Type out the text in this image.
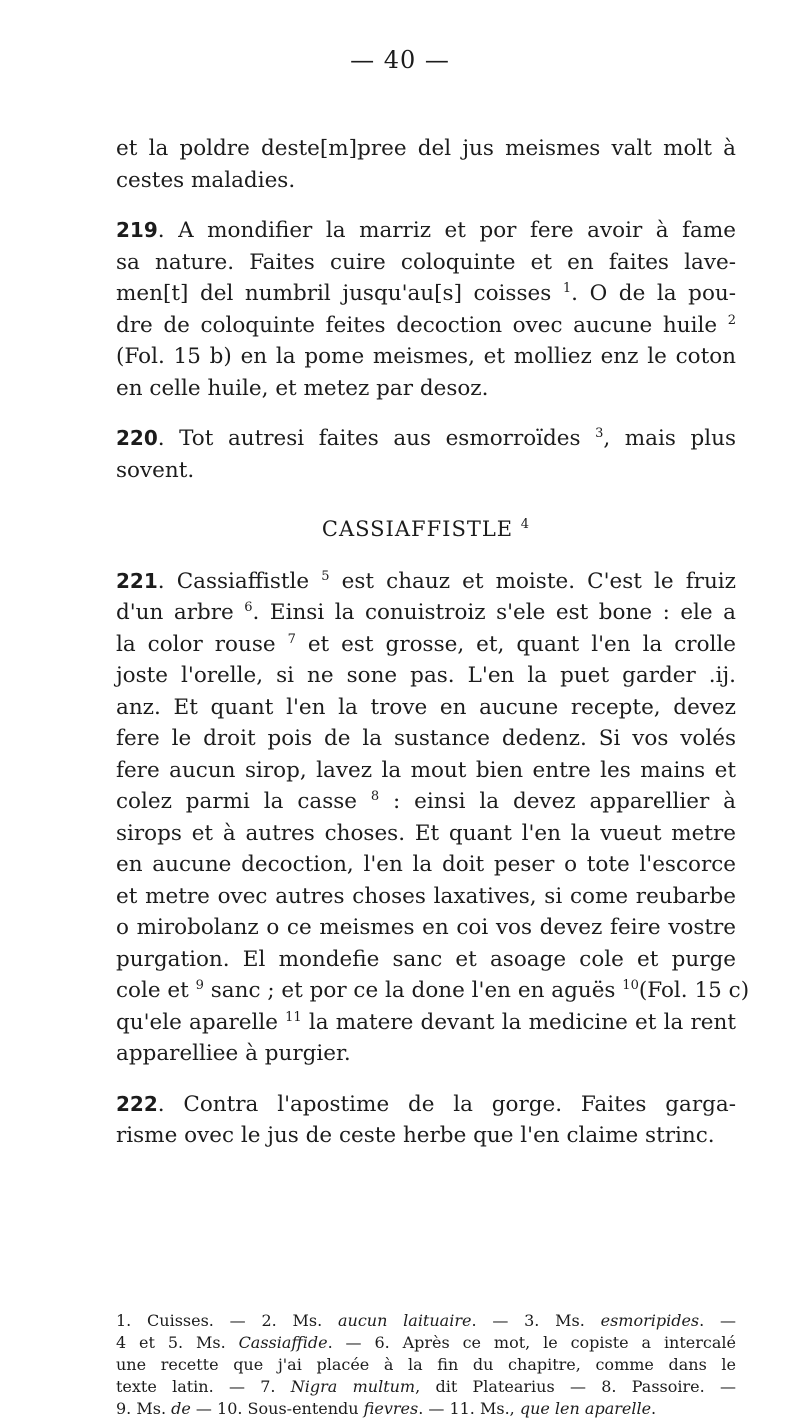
— 40 —

et la poldre deste[m]pree del jus meismes valt molt à
cestes maladies.

219. A mondifier la marriz et por fere avoir à fame
sa nature. Faites cuire coloquinte et en faites lave-
men[t] del numbril jusqu'au[s] coisses $^1$. O de la pou-
dre de coloquinte feites decoction ovec aucune huile $^2$
(Fol. 15 b) en la pome meismes, et molliez enz le coton
en celle huile, et metez par desoz.

220. Tot autresi faites aus esmorroïdes $^3$, mais plus
sovent.

CASSIAFFISTLE $^4$

221. Cassiaffistle $^5$ est chauz et moiste. C'est le fruiz
d'un arbre $^6$. Einsi la conuistroiz s'ele est bone : ele a
la color rouse $^7$ et est grosse, et, quant l'en la crolle
joste l'orelle, si ne sone pas. L'en la puet garder .ij.
anz. Et quant l'en la trove en aucune recepte, devez
fere le droit pois de la sustance dedenz. Si vos volés
fere aucun sirop, lavez la mout bien entre les mains et
colez parmi la casse $^8$ : einsi la devez apparellier à
sirops et à autres choses. Et quant l'en la vueut metre
en aucune decoction, l'en la doit peser o tote l'escorce
et metre ovec autres choses laxatives, si come reubarbe
o mirobolanz o ce meismes en coi vos devez feire vostre
purgation. El mondefie sanc et asoage cole et purge
cole et $^9$ sanc ; et por ce la done l'en en aguës $^{10}$(Fol. 15 c)
qu'ele aparelle $^{11}$ la matere devant la medicine et la rent
apparelliee à purgier.

222. Contra l'apostime de la gorge. Faites garga-
risme ovec le jus de ceste herbe que l'en claime strinc.

1. Cuisses. — 2. Ms. aucun laituaire. — 3. Ms. esmoripides. —
4 et 5. Ms. Cassiaffide. — 6. Après ce mot, le copiste a intercalé
une recette que j'ai placée à la fin du chapitre, comme dans le
texte latin. — 7. Nigra multum, dit Platearius — 8. Passoire. —
9. Ms. de — 10. Sous-entendu fievres. — 11. Ms., que len aparelle.
